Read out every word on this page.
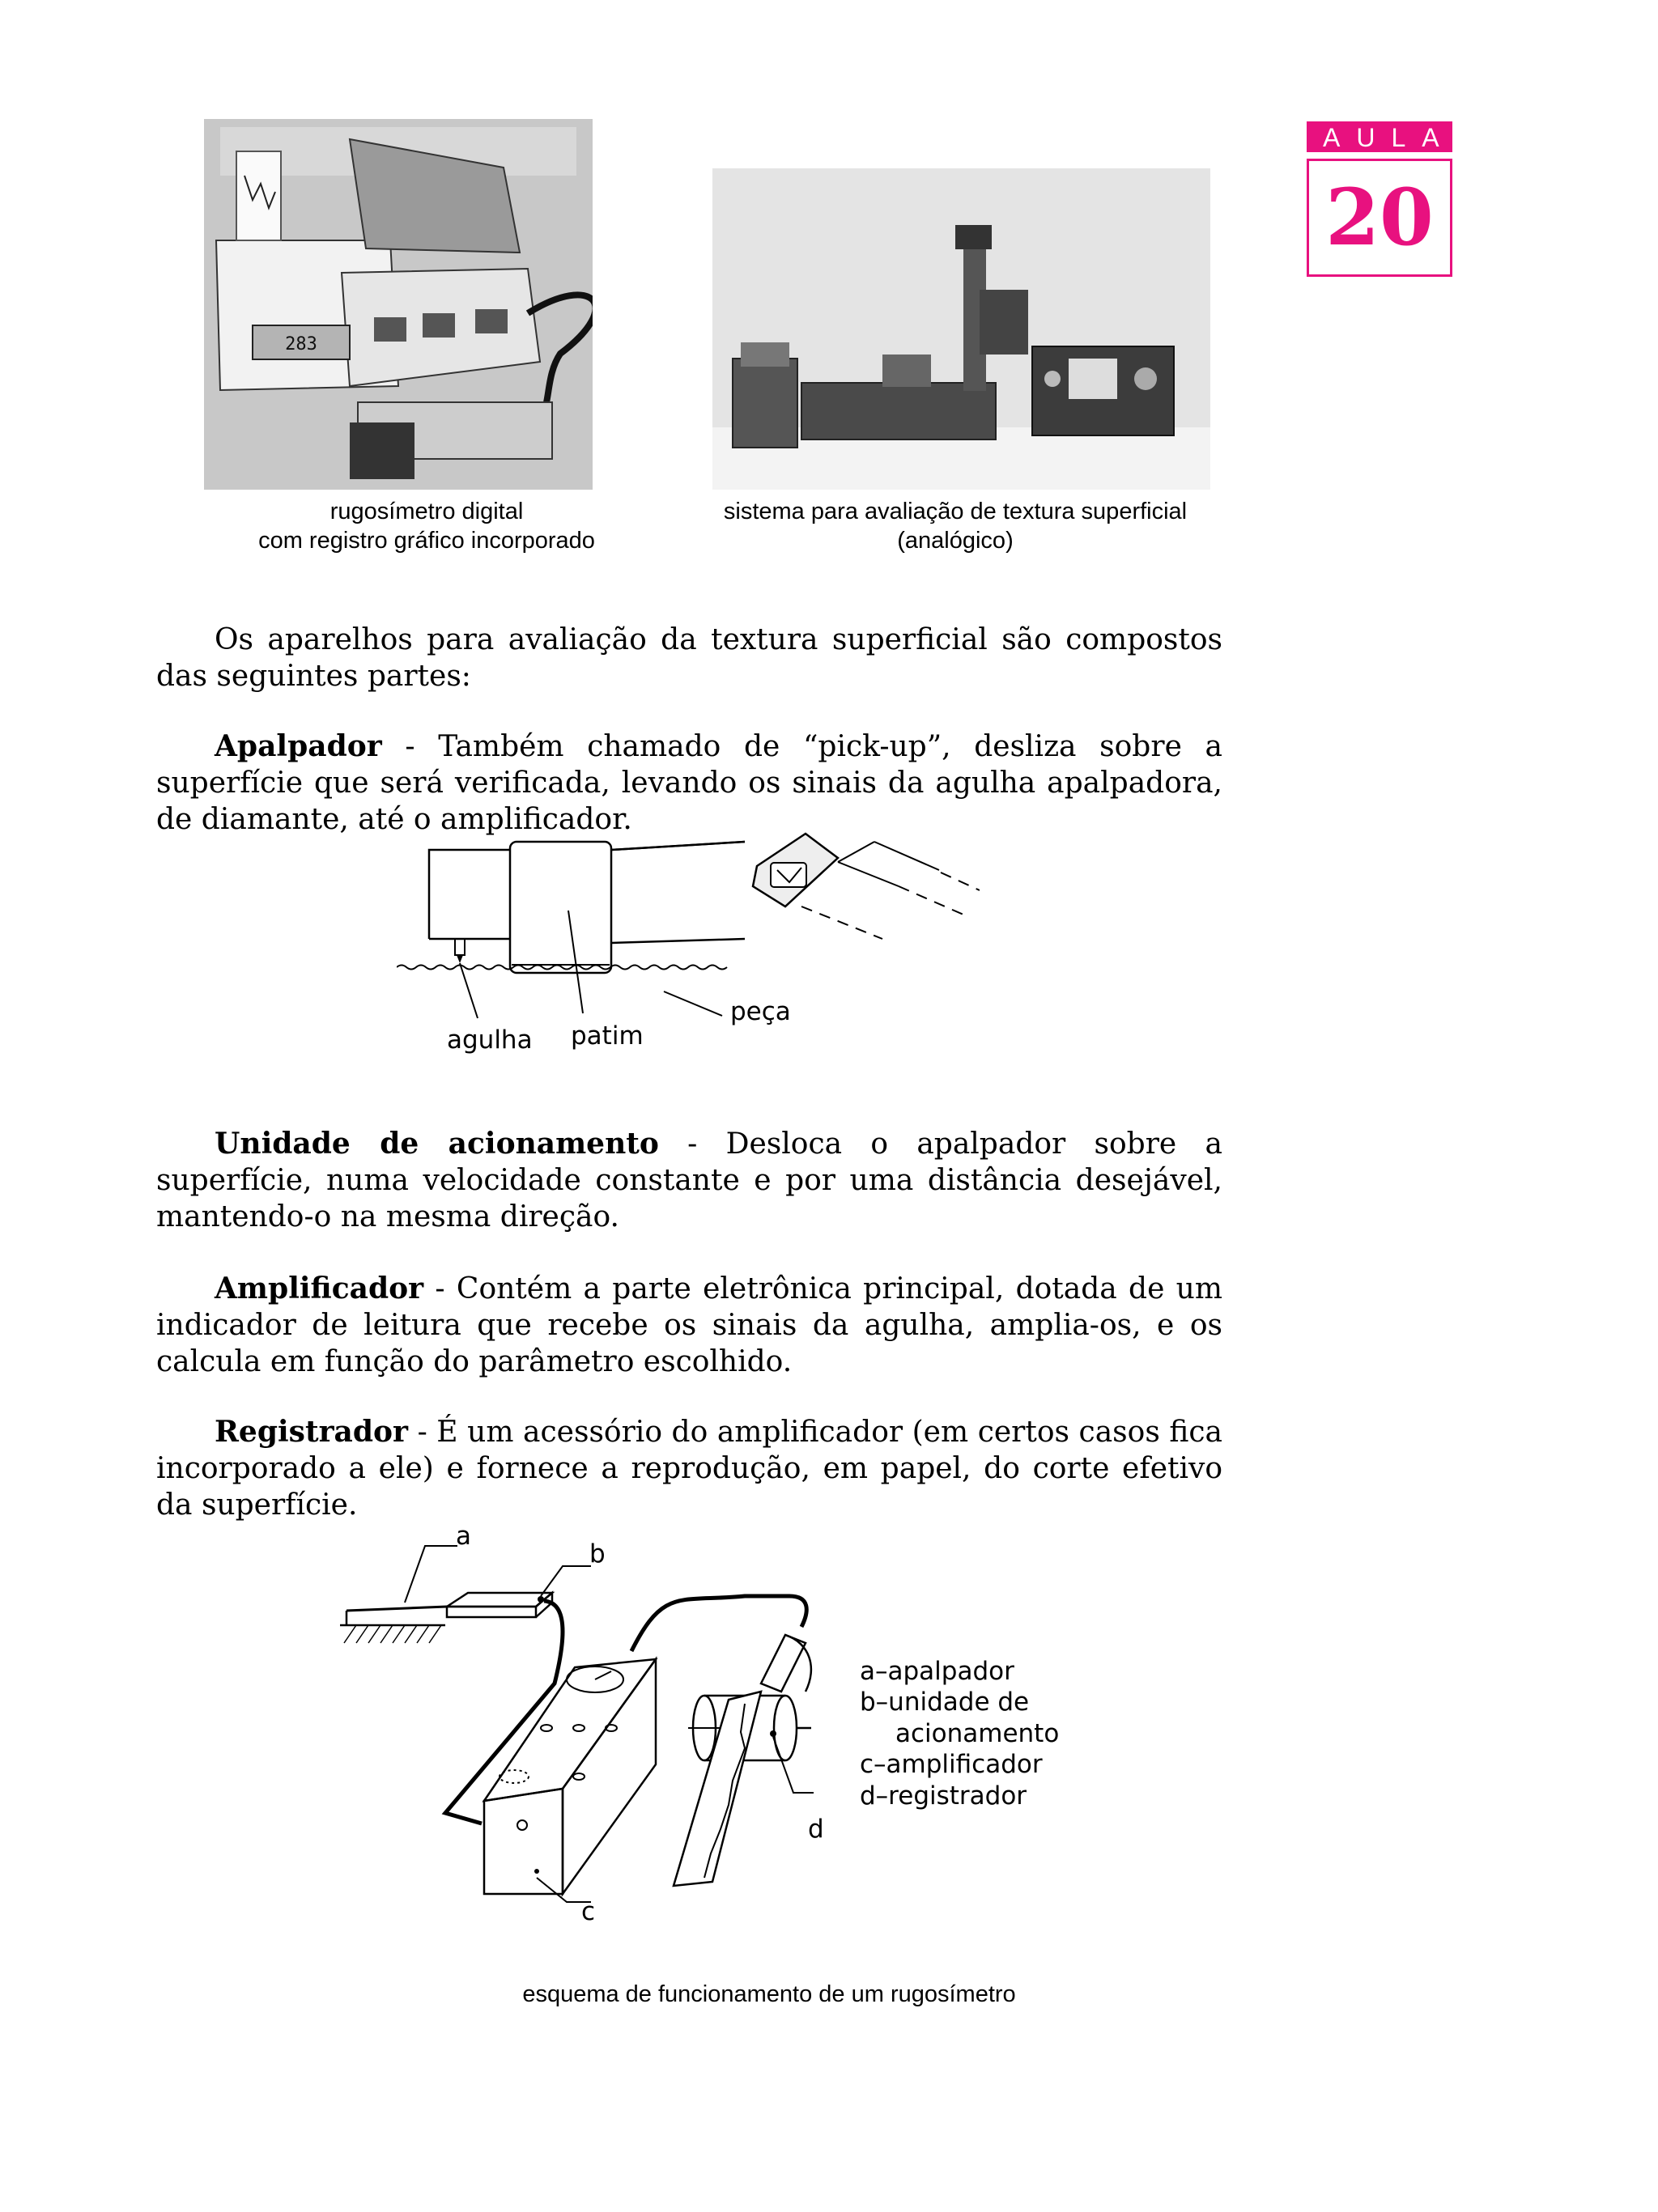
AULA
20
283
rugosímetro digital
com registro gráfico incorporado
sistema para avaliação de textura superficial
(analógico)
Os aparelhos para avaliação da textura superficial são compostos das seguintes partes:
Apalpador - Também chamado de “pick-up”, desliza sobre a superfície que será verificada, levando os sinais da agulha apalpadora, de diamante, até o amplificador.
agulha patim
peça
Unidade de acionamento - Desloca o apalpador sobre a superfície, numa velocidade constante e por uma distância desejável, mantendo-o na mesma direção.
Amplificador - Contém a parte eletrônica principal, dotada de um indicador de leitura que recebe os sinais da agulha, amplia-os, e os calcula em função do parâmetro escolhido.
Registrador - É um acessório do amplificador (em certos casos fica incorporado a ele) e fornece a reprodução, em papel, do corte efetivo da superfície.
a
b
c
d
a–apalpador
b–unidade de
acionamento
c–amplificador
d–registrador
esquema de funcionamento de um rugosímetro
